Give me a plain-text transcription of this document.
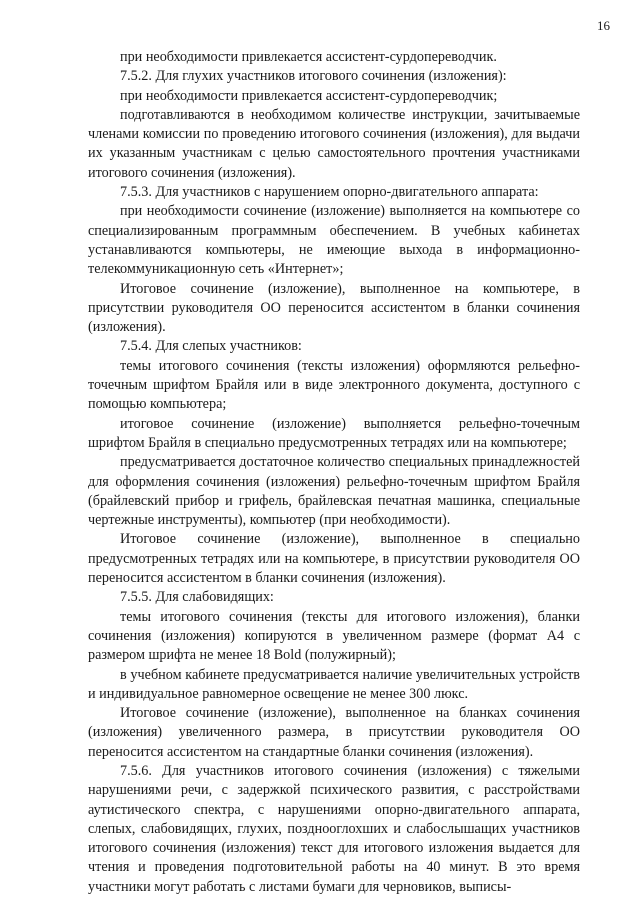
16

при необходимости привлекается ассистент-сурдопереводчик.

7.5.2. Для глухих участников итогового сочинения (изложения):

при необходимости привлекается ассистент-сурдопереводчик;

подготавливаются в необходимом количестве инструкции, зачитываемые членами комиссии по проведению итогового сочинения (изложения), для выдачи их указанным участникам с целью самостоятельного прочтения участниками итогового сочинения (изложения).

7.5.3. Для участников с нарушением опорно-двигательного аппарата:

при необходимости сочинение (изложение) выполняется на компьютере со специализированным программным обеспечением. В учебных кабинетах устанавливаются компьютеры, не имеющие выхода в информационно-телекоммуникационную сеть «Интернет»;

Итоговое сочинение (изложение), выполненное на компьютере, в присутствии руководителя ОО переносится ассистентом в бланки сочинения (изложения).

7.5.4. Для слепых участников:

темы итогового сочинения (тексты изложения) оформляются рельефно-точечным шрифтом Брайля или в виде электронного документа, доступного с помощью компьютера;

итоговое сочинение (изложение) выполняется рельефно-точечным шрифтом Брайля в специально предусмотренных тетрадях или на компьютере;

предусматривается достаточное количество специальных принадлежностей для оформления сочинения (изложения) рельефно-точечным шрифтом Брайля (брайлевский прибор и грифель, брайлевская печатная машинка, специальные чертежные инструменты), компьютер (при необходимости).

Итоговое сочинение (изложение), выполненное в специально предусмотренных тетрадях или на компьютере, в присутствии руководителя ОО переносится ассистентом в бланки сочинения (изложения).

7.5.5. Для слабовидящих:

темы итогового сочинения (тексты для итогового изложения), бланки сочинения (изложения) копируются в увеличенном размере (формат А4 с размером шрифта не менее 18 Bold (полужирный);

в учебном кабинете предусматривается наличие увеличительных устройств и индивидуальное равномерное освещение не менее 300 люкс.

Итоговое сочинение (изложение), выполненное на бланках сочинения (изложения) увеличенного размера, в присутствии руководителя ОО переносится ассистентом на стандартные бланки сочинения (изложения).

7.5.6. Для участников итогового сочинения (изложения) с тяжелыми нарушениями речи, с задержкой психического развития, с расстройствами аутистического спектра, с нарушениями опорно-двигательного аппарата, слепых, слабовидящих, глухих, позднооглохших и слабослышащих участников итогового сочинения (изложения) текст для итогового изложения выдается для чтения и проведения подготовительной работы на 40 минут. В это время участники могут работать с листами бумаги для черновиков, выписы-
